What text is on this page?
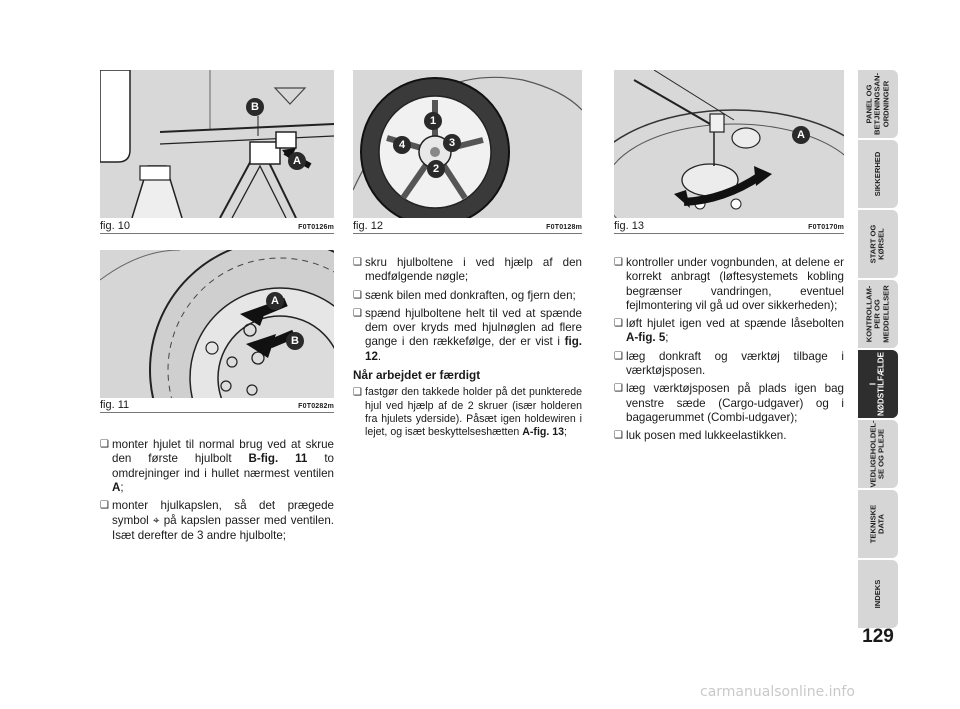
B
A
fig. 10	F0T0126m
A
B
fig. 11	F0T0282m
1
2
3
4
fig. 12	F0T0128m
A
fig. 13	F0T0170m
❑ monter hjulet til normal brug ved at skrue den første hjulbolt B-fig. 11 to omdrejninger ind i hullet nærmest ventilen A;
❑ monter hjulkapslen, så det prægede symbol ⌖ på kapslen passer med ventilen. Isæt derefter de 3 andre hjulbolte;
❑ skru hjulboltene i ved hjælp af den medfølgende nøgle;
❑ sænk bilen med donkraften, og fjern den;
❑ spænd hjulboltene helt til ved at spænde dem over kryds med hjulnøglen ad flere gange i den rækkefølge, der er vist i fig. 12.
Når arbejdet er færdigt
❑ fastgør den takkede holder på det punkterede hjul ved hjælp af de 2 skruer (især holderen fra hjulets yderside). Påsæt igen holdewiren i lejet, og isæt beskyttelseshætten A-fig. 13;
❑ kontroller under vognbunden, at delene er korrekt anbragt (løftesystemets kobling begrænser vandringen, eventuel fejlmontering vil gå ud over sikkerheden);
❑ løft hjulet igen ved at spænde låsebolten A-fig. 5;
❑ læg donkraft og værktøj tilbage i værktøjsposen.
❑ læg værktøjsposen på plads igen bag venstre sæde (Cargo-udgaver) og i bagagerummet (Combi-udgaver);
❑ luk posen med lukkeelastikken.
PANEL OG
BETJENINGSAN-
ORDNINGER
SIKKERHED
START OG
KØRSEL
KONTROLLAM-
PER OG
MEDDELELSER
I
NØDSTILFÆLDE
VEDLIGEHOLDEL-
SE OG PLEJE
TEKNISKE
DATA
INDEKS
129
carmanualsonline.info
